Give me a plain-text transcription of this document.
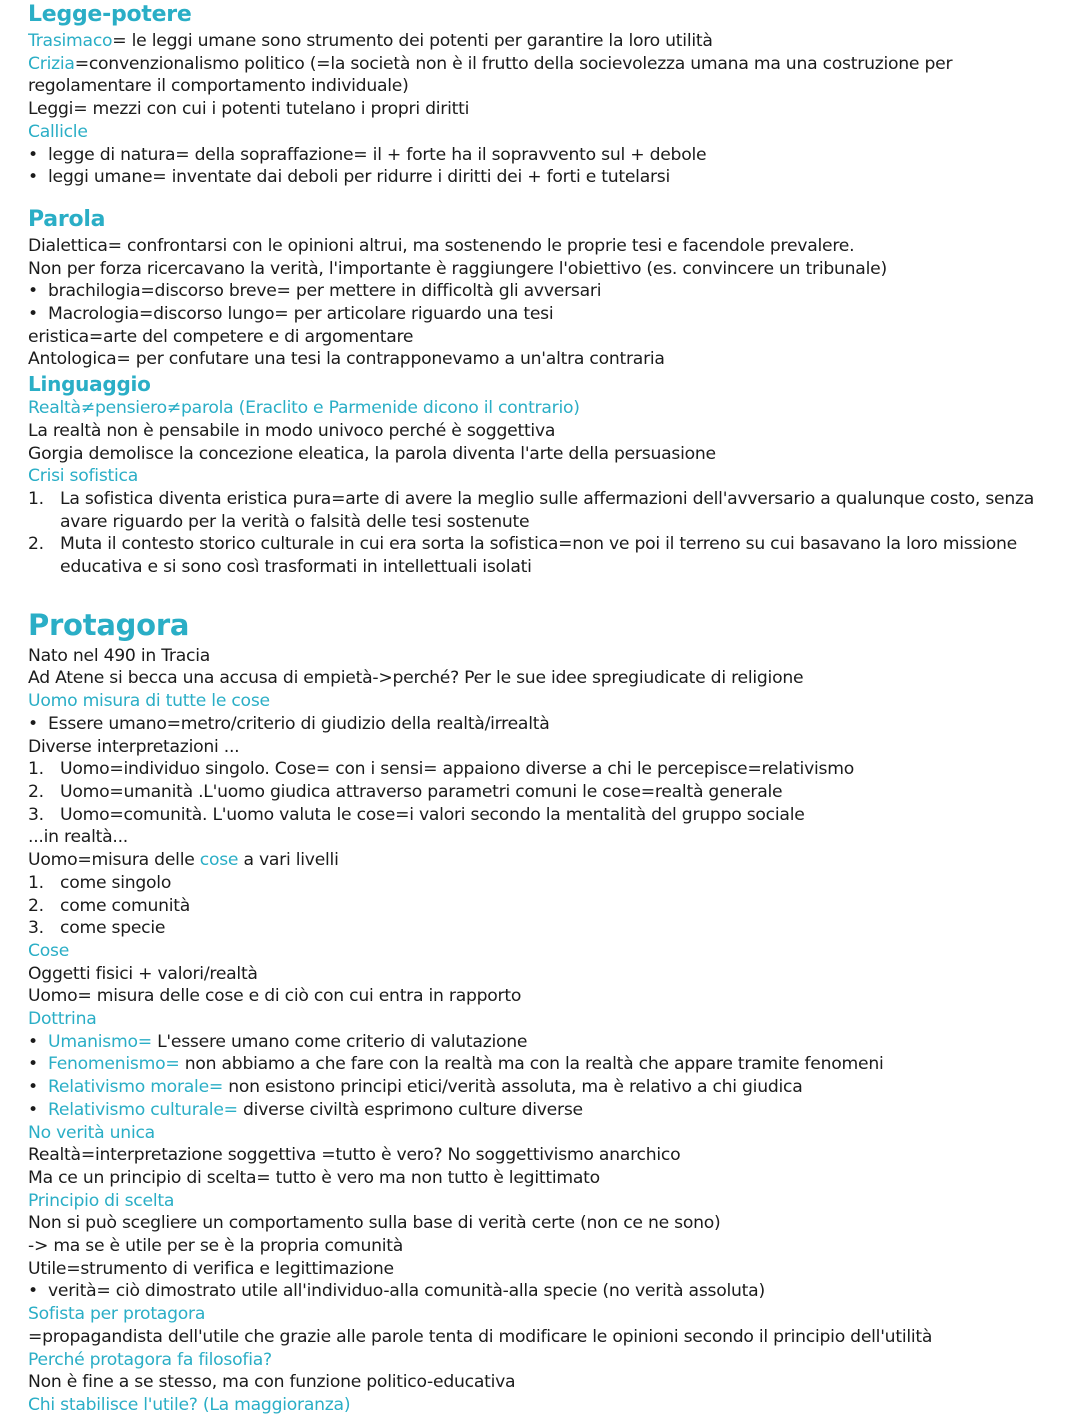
Legge-potere
Trasimaco= le leggi umane sono strumento dei potenti per garantire la loro utilità
Crizia=convenzionalismo politico (=la società non è il frutto della socievolezza umana ma una costruzione per regolamentare il comportamento individuale)
Leggi= mezzi con cui i potenti tutelano i propri diritti
Callicle
• legge di natura= della sopraffazione= il + forte ha il sopravvento sul + debole
• leggi umane= inventate dai deboli per ridurre i diritti dei + forti e tutelarsi
Parola
Dialettica= confrontarsi con le opinioni altrui, ma sostenendo le proprie tesi e facendole prevalere.
Non per forza ricercavano la verità, l'importante è raggiungere l'obiettivo (es. convincere un tribunale)
• brachilogia=discorso breve= per mettere in difficoltà gli avversari
• Macrologia=discorso lungo= per articolare riguardo una tesi
eristica=arte del competere e di argomentare
Antologica= per confutare una tesi la contrapponevamo a un'altra contraria
Linguaggio
Realtà≠pensiero≠parola (Eraclito e Parmenide dicono il contrario)
La realtà non è pensabile in modo univoco perché è soggettiva
Gorgia demolisce la concezione eleatica, la parola diventa l'arte della persuasione
Crisi sofistica
1. La sofistica diventa eristica pura=arte di avere la meglio sulle affermazioni dell'avversario a qualunque costo, senza avare riguardo per la verità o falsità delle tesi sostenute
2. Muta il contesto storico culturale in cui era sorta la sofistica=non ve poi il terreno su cui basavano la loro missione educativa e si sono così trasformati in intellettuali isolati
Protagora
Nato nel 490 in Tracia
Ad Atene si becca una accusa di empietà->perché? Per le sue idee spregiudicate di religione
Uomo misura di tutte le cose
• Essere umano=metro/criterio di giudizio della realtà/irrealtà
Diverse interpretazioni ...
1. Uomo=individuo singolo. Cose= con i sensi= appaiono diverse a chi le percepisce=relativismo
2. Uomo=umanità .L'uomo giudica attraverso parametri comuni le cose=realtà generale
3. Uomo=comunità. L'uomo valuta le cose=i valori secondo la mentalità del gruppo sociale
...in realtà...
Uomo=misura delle cose a vari livelli
1. come singolo
2. come comunità
3. come specie
Cose
Oggetti fisici + valori/realtà
Uomo= misura delle cose e di ciò con cui entra in rapporto
Dottrina
• Umanismo= L'essere umano come criterio di valutazione
• Fenomenismo= non abbiamo a che fare con la realtà ma con la realtà che appare tramite fenomeni
• Relativismo morale= non esistono principi etici/verità assoluta, ma è relativo a chi giudica
• Relativismo culturale= diverse civiltà esprimono culture diverse
No verità unica
Realtà=interpretazione soggettiva =tutto è vero? No soggettivismo anarchico
Ma ce un principio di scelta= tutto è vero ma non tutto è legittimato
Principio di scelta
Non si può scegliere un comportamento sulla base di verità certe (non ce ne sono)
-> ma se è utile per se è la propria comunità
Utile=strumento di verifica e legittimazione
• verità= ciò dimostrato utile all'individuo-alla comunità-alla specie (no verità assoluta)
Sofista per protagora
=propagandista dell'utile che grazie alle parole tenta di modificare le opinioni secondo il principio dell'utilità
Perché protagora fa filosofia?
Non è fine a se stesso, ma con funzione politico-educativa
Chi stabilisce l'utile? (La maggioranza)
